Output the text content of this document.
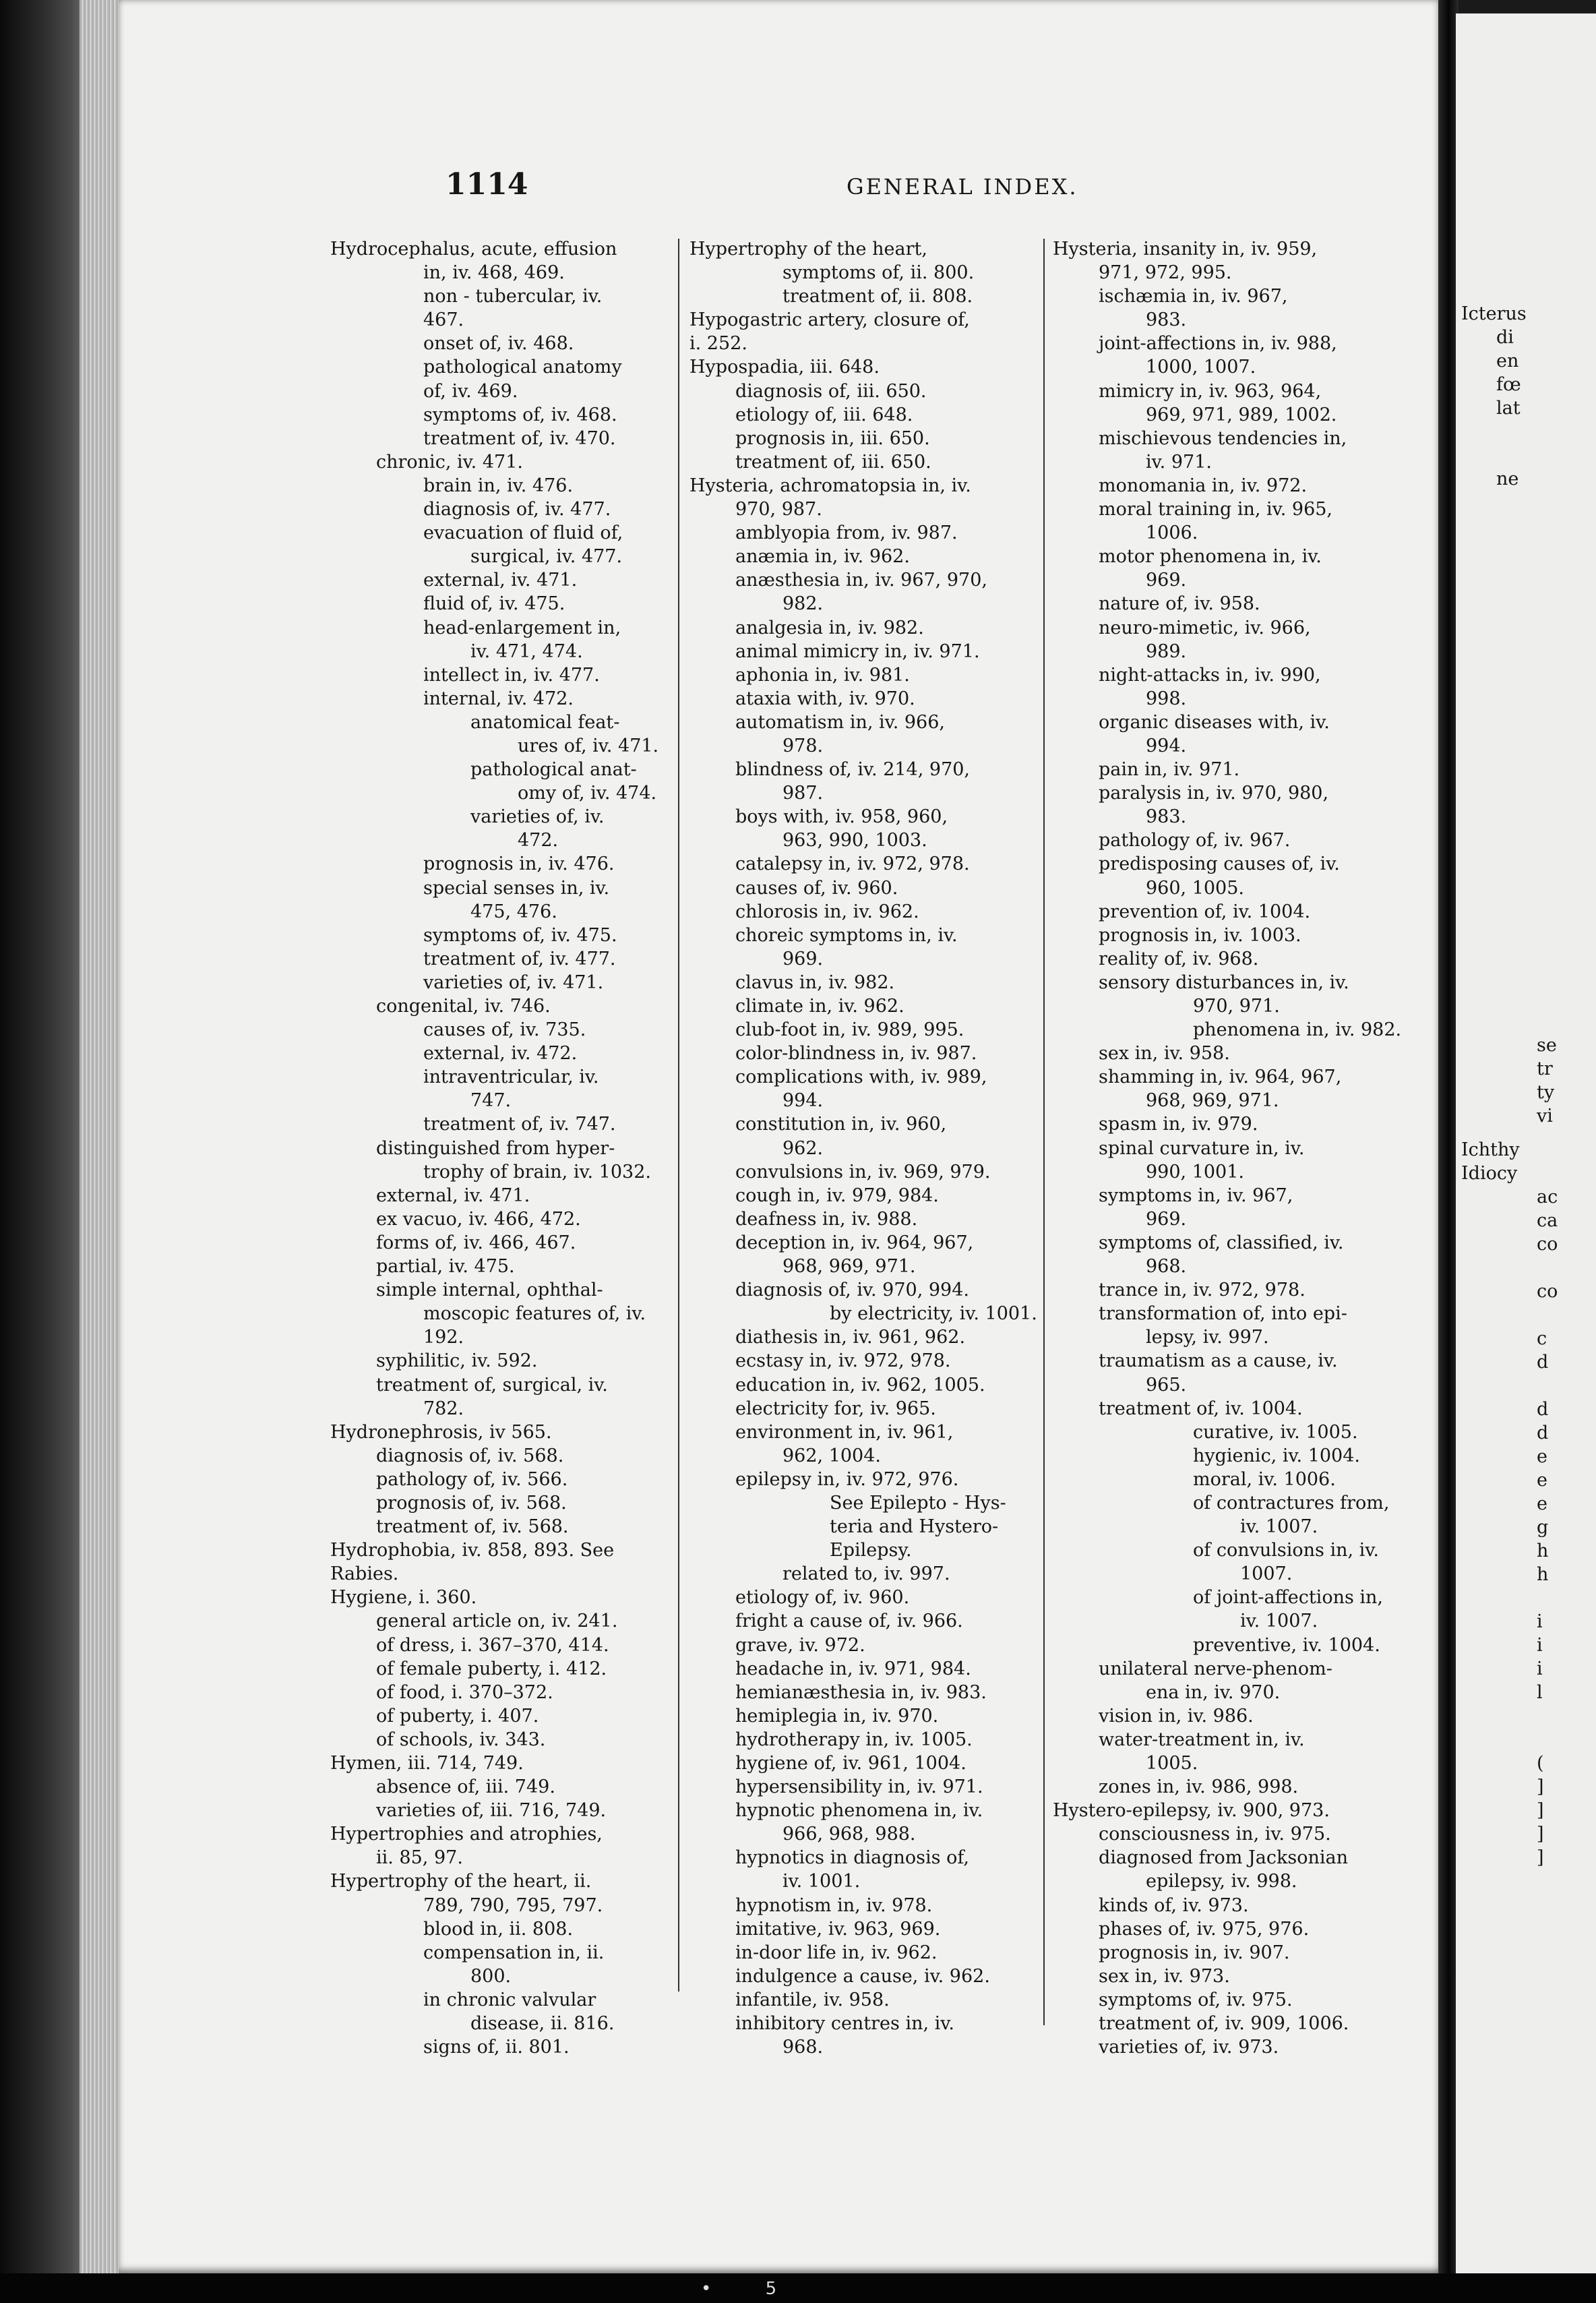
1114	GENERAL INDEX.
Hydrocephalus, acute, effusion
in, iv. 468, 469.
non - tubercular, iv.
467.
onset of, iv. 468.
pathological anatomy
of, iv. 469.
symptoms of, iv. 468.
treatment of, iv. 470.
chronic, iv. 471.
brain in, iv. 476.
diagnosis of, iv. 477.
evacuation of fluid of,
surgical, iv. 477.
external, iv. 471.
fluid of, iv. 475.
head-enlargement in,
iv. 471, 474.
intellect in, iv. 477.
internal, iv. 472.
anatomical feat-
ures of, iv. 471.
pathological anat-
omy of, iv. 474.
varieties of, iv.
472.
prognosis in, iv. 476.
special senses in, iv.
475, 476.
symptoms of, iv. 475.
treatment of, iv. 477.
varieties of, iv. 471.
congenital, iv. 746.
causes of, iv. 735.
external, iv. 472.
intraventricular, iv.
747.
treatment of, iv. 747.
distinguished from hyper-
trophy of brain, iv. 1032.
external, iv. 471.
ex vacuo, iv. 466, 472.
forms of, iv. 466, 467.
partial, iv. 475.
simple internal, ophthal-
moscopic features of, iv.
192.
syphilitic, iv. 592.
treatment of, surgical, iv.
782.
Hydronephrosis, iv 565.
diagnosis of, iv. 568.
pathology of, iv. 566.
prognosis of, iv. 568.
treatment of, iv. 568.
Hydrophobia, iv. 858, 893. See
Rabies.
Hygiene, i. 360.
general article on, iv. 241.
of dress, i. 367–370, 414.
of female puberty, i. 412.
of food, i. 370–372.
of puberty, i. 407.
of schools, iv. 343.
Hymen, iii. 714, 749.
absence of, iii. 749.
varieties of, iii. 716, 749.
Hypertrophies and atrophies,
ii. 85, 97.
Hypertrophy of the heart, ii.
789, 790, 795, 797.
blood in, ii. 808.
compensation in, ii.
800.
in chronic valvular
disease, ii. 816.
signs of, ii. 801.
Hypertrophy of the heart,
symptoms of, ii. 800.
treatment of, ii. 808.
Hypogastric artery, closure of,
i. 252.
Hypospadia, iii. 648.
diagnosis of, iii. 650.
etiology of, iii. 648.
prognosis in, iii. 650.
treatment of, iii. 650.
Hysteria, achromatopsia in, iv.
970, 987.
amblyopia from, iv. 987.
anæmia in, iv. 962.
anæsthesia in, iv. 967, 970,
982.
analgesia in, iv. 982.
animal mimicry in, iv. 971.
aphonia in, iv. 981.
ataxia with, iv. 970.
automatism in, iv. 966,
978.
blindness of, iv. 214, 970,
987.
boys with, iv. 958, 960,
963, 990, 1003.
catalepsy in, iv. 972, 978.
causes of, iv. 960.
chlorosis in, iv. 962.
choreic symptoms in, iv.
969.
clavus in, iv. 982.
climate in, iv. 962.
club-foot in, iv. 989, 995.
color-blindness in, iv. 987.
complications with, iv. 989,
994.
constitution in, iv. 960,
962.
convulsions in, iv. 969, 979.
cough in, iv. 979, 984.
deafness in, iv. 988.
deception in, iv. 964, 967,
968, 969, 971.
diagnosis of, iv. 970, 994.
by electricity, iv. 1001.
diathesis in, iv. 961, 962.
ecstasy in, iv. 972, 978.
education in, iv. 962, 1005.
electricity for, iv. 965.
environment in, iv. 961,
962, 1004.
epilepsy in, iv. 972, 976.
See Epilepto - Hys-
teria and Hystero-
Epilepsy.
related to, iv. 997.
etiology of, iv. 960.
fright a cause of, iv. 966.
grave, iv. 972.
headache in, iv. 971, 984.
hemianæsthesia in, iv. 983.
hemiplegia in, iv. 970.
hydrotherapy in, iv. 1005.
hygiene of, iv. 961, 1004.
hypersensibility in, iv. 971.
hypnotic phenomena in, iv.
966, 968, 988.
hypnotics in diagnosis of,
iv. 1001.
hypnotism in, iv. 978.
imitative, iv. 963, 969.
in-door life in, iv. 962.
indulgence a cause, iv. 962.
infantile, iv. 958.
inhibitory centres in, iv.
968.
Hysteria, insanity in, iv. 959,
971, 972, 995.
ischæmia in, iv. 967,
983.
joint-affections in, iv. 988,
1000, 1007.
mimicry in, iv. 963, 964,
969, 971, 989, 1002.
mischievous tendencies in,
iv. 971.
monomania in, iv. 972.
moral training in, iv. 965,
1006.
motor phenomena in, iv.
969.
nature of, iv. 958.
neuro-mimetic, iv. 966,
989.
night-attacks in, iv. 990,
998.
organic diseases with, iv.
994.
pain in, iv. 971.
paralysis in, iv. 970, 980,
983.
pathology of, iv. 967.
predisposing causes of, iv.
960, 1005.
prevention of, iv. 1004.
prognosis in, iv. 1003.
reality of, iv. 968.
sensory disturbances in, iv.
970, 971.
phenomena in, iv. 982.
sex in, iv. 958.
shamming in, iv. 964, 967,
968, 969, 971.
spasm in, iv. 979.
spinal curvature in, iv.
990, 1001.
symptoms in, iv. 967,
969.
symptoms of, classified, iv.
968.
trance in, iv. 972, 978.
transformation of, into epi-
lepsy, iv. 997.
traumatism as a cause, iv.
965.
treatment of, iv. 1004.
curative, iv. 1005.
hygienic, iv. 1004.
moral, iv. 1006.
of contractures from,
iv. 1007.
of convulsions in, iv.
1007.
of joint-affections in,
iv. 1007.
preventive, iv. 1004.
unilateral nerve-phenom-
ena in, iv. 970.
vision in, iv. 986.
water-treatment in, iv.
1005.
zones in, iv. 986, 998.
Hystero-epilepsy, iv. 900, 973.
consciousness in, iv. 975.
diagnosed from Jacksonian
epilepsy, iv. 998.
kinds of, iv. 973.
phases of, iv. 975, 976.
prognosis in, iv. 907.
sex in, iv. 973.
symptoms of, iv. 975.
treatment of, iv. 909, 1006.
varieties of, iv. 973.
Icterus
di
en
fœ
lat
ne
se
tr
ty
vi
Ichthy
Idiocy
ac
ca
co
co
c
d
d
d
e
e
e
g
h
h
i
i
i
l
(
]
]
]
]
• 5
